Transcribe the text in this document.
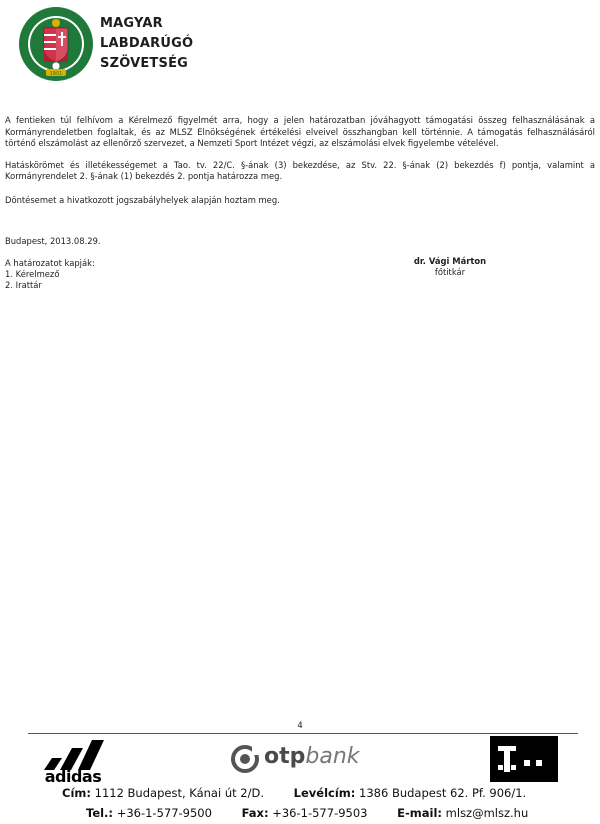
1901
MAGYAR
LABDARÚGÓ
SZÖVETSÉG

A fentieken túl felhívom a Kérelmező figyelmét arra, hogy a jelen határozatban jóváhagyott támogatási összeg felhasználásának a Kormányrendeletben foglaltak, és az MLSZ Elnökségének értékelési elveivel összhangban kell történnie. A támogatás felhasználásáról történő elszámolást az ellenőrző szervezet, a Nemzeti Sport Intézet végzi, az elszámolási elvek figyelembe vételével.

Hatáskörömet és illetékességemet a Tao. tv. 22/C. §-ának (3) bekezdése, az Stv. 22. §-ának (2) bekezdés f) pontja, valamint a Kormányrendelet 2. §-ának (1) bekezdés 2. pontja határozza meg.

Döntésemet a hivatkozott jogszabályhelyek alapján hoztam meg.

Budapest, 2013.08.29.
A határozatot kapják:
1. Kérelmező
2. Irattár
dr. Vági Márton
főtitkár
4
adidas
otpbank
Cím: 1112 Budapest, Kánai út 2/D.	Levélcím: 1386 Budapest 62. Pf. 906/1.
Tel.: +36-1-577-9500	Fax: +36-1-577-9503	E-mail: mlsz@mlsz.hu
